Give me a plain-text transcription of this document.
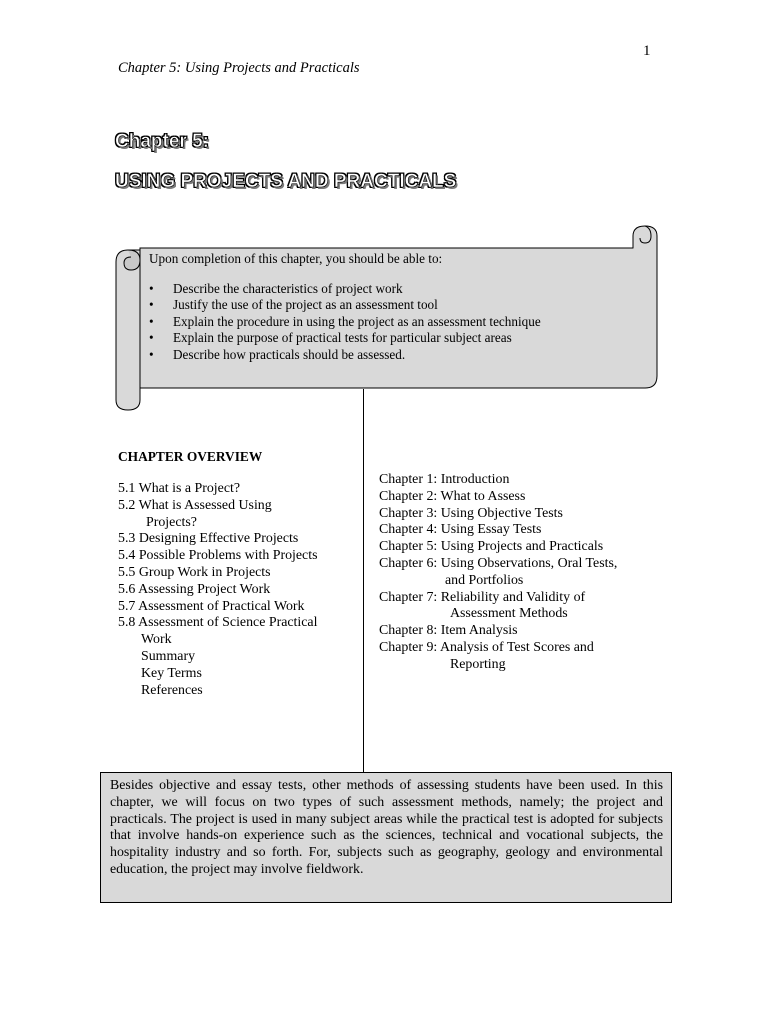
1
Chapter 5: Using Projects and Practicals
Chapter 5:
USING PROJECTS AND PRACTICALS
Upon completion of this chapter, you should be able to:
• Describe the characteristics of project work
• Justify the use of the project as an assessment tool
• Explain the procedure in using the project as an assessment technique
• Explain the purpose of practical tests for particular subject areas
• Describe how practicals should be assessed.
CHAPTER OVERVIEW
5.1 What is a Project?
5.2 What is Assessed Using
Projects?
5.3 Designing Effective Projects
5.4 Possible Problems with Projects
5.5 Group Work in Projects
5.6 Assessing Project Work
5.7 Assessment of Practical Work
5.8 Assessment of Science Practical
Work
Summary
Key Terms
References
Chapter 1: Introduction
Chapter 2: What to Assess
Chapter 3: Using Objective Tests
Chapter 4: Using Essay Tests
Chapter 5: Using Projects and Practicals
Chapter 6: Using Observations, Oral Tests,
and Portfolios
Chapter 7: Reliability and Validity of
Assessment Methods
Chapter 8: Item Analysis
Chapter 9: Analysis of Test Scores and
Reporting
Besides objective and essay tests, other methods of assessing students have been used. In this chapter, we will focus on two types of such assessment methods, namely; the project and practicals. The project is used in many subject areas while the practical test is adopted for subjects that involve hands-on experience such as the sciences, technical and vocational subjects, the hospitality industry and so forth. For, subjects such as geography, geology and environmental education, the project may involve fieldwork.
